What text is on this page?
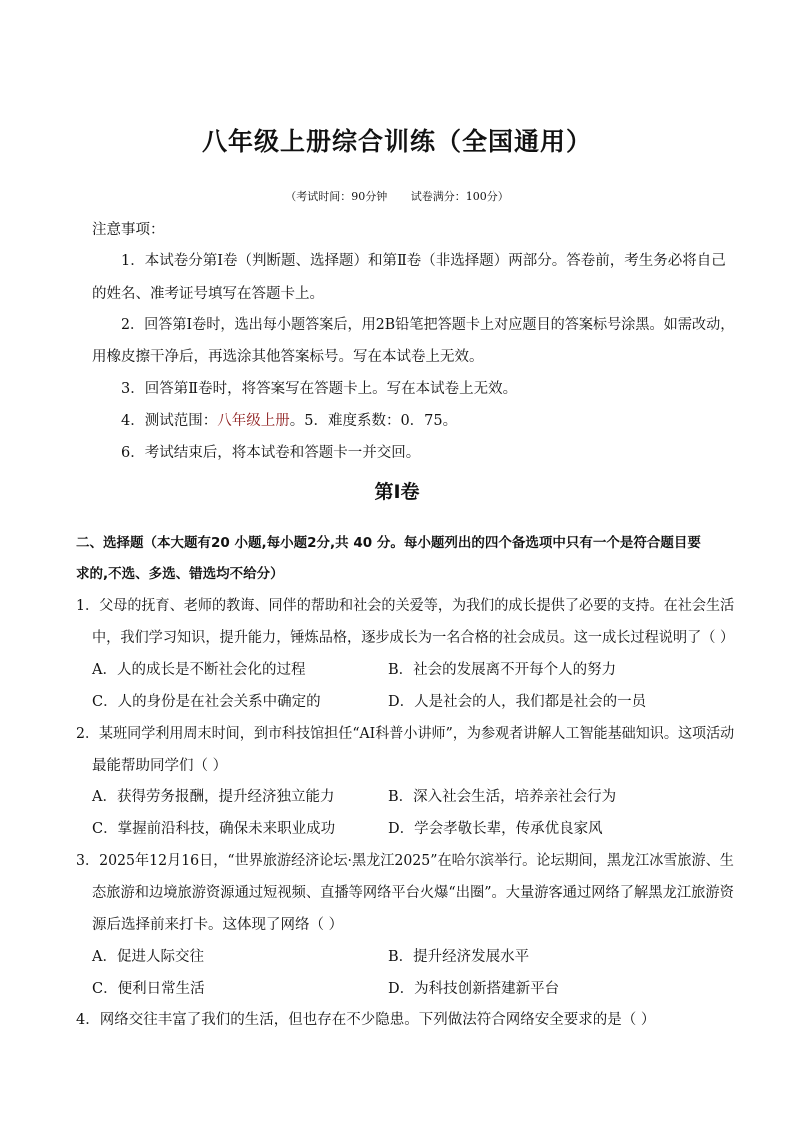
八年级上册综合训练（全国通用）
（考试时间：90分钟 试卷满分：100分）
注意事项：
1．本试卷分第Ⅰ卷（判断题、选择题）和第Ⅱ卷（非选择题）两部分。答卷前，考生务必将自己
的姓名、准考证号填写在答题卡上。
2．回答第Ⅰ卷时，选出每小题答案后，用2B铅笔把答题卡上对应题目的答案标号涂黑。如需改动，
用橡皮擦干净后，再选涂其他答案标号。写在本试卷上无效。
3．回答第Ⅱ卷时，将答案写在答题卡上。写在本试卷上无效。
4．测试范围：八年级上册。5．难度系数：0．75。
6．考试结束后，将本试卷和答题卡一并交回。
第Ⅰ卷
二、选择题（本大题有20 小题,每小题2分,共 40 分。每小题列出的四个备选项中只有一个是符合题目要
求的,不选、多选、错选均不给分）
1．父母的抚育、老师的教诲、同伴的帮助和社会的关爱等，为我们的成长提供了必要的支持。在社会生活
中，我们学习知识，提升能力，锤炼品格，逐步成长为一名合格的社会成员。这一成长过程说明了（ ）
A．人的成长是不断社会化的过程	B．社会的发展离不开每个人的努力
C．人的身份是在社会关系中确定的	D．人是社会的人，我们都是社会的一员
2．某班同学利用周末时间，到市科技馆担任“AI科普小讲师”，为参观者讲解人工智能基础知识。这项活动
最能帮助同学们（ ）
A．获得劳务报酬，提升经济独立能力	B．深入社会生活，培养亲社会行为
C．掌握前沿科技，确保未来职业成功	D．学会孝敬长辈，传承优良家风
3．2025年12月16日，“世界旅游经济论坛·黑龙江2025”在哈尔滨举行。论坛期间，黑龙江冰雪旅游、生
态旅游和边境旅游资源通过短视频、直播等网络平台火爆“出圈”。大量游客通过网络了解黑龙江旅游资
源后选择前来打卡。这体现了网络（ ）
A．促进人际交往	B．提升经济发展水平
C．便利日常生活	D．为科技创新搭建新平台
4．网络交往丰富了我们的生活，但也存在不少隐患。下列做法符合网络安全要求的是（ ）
